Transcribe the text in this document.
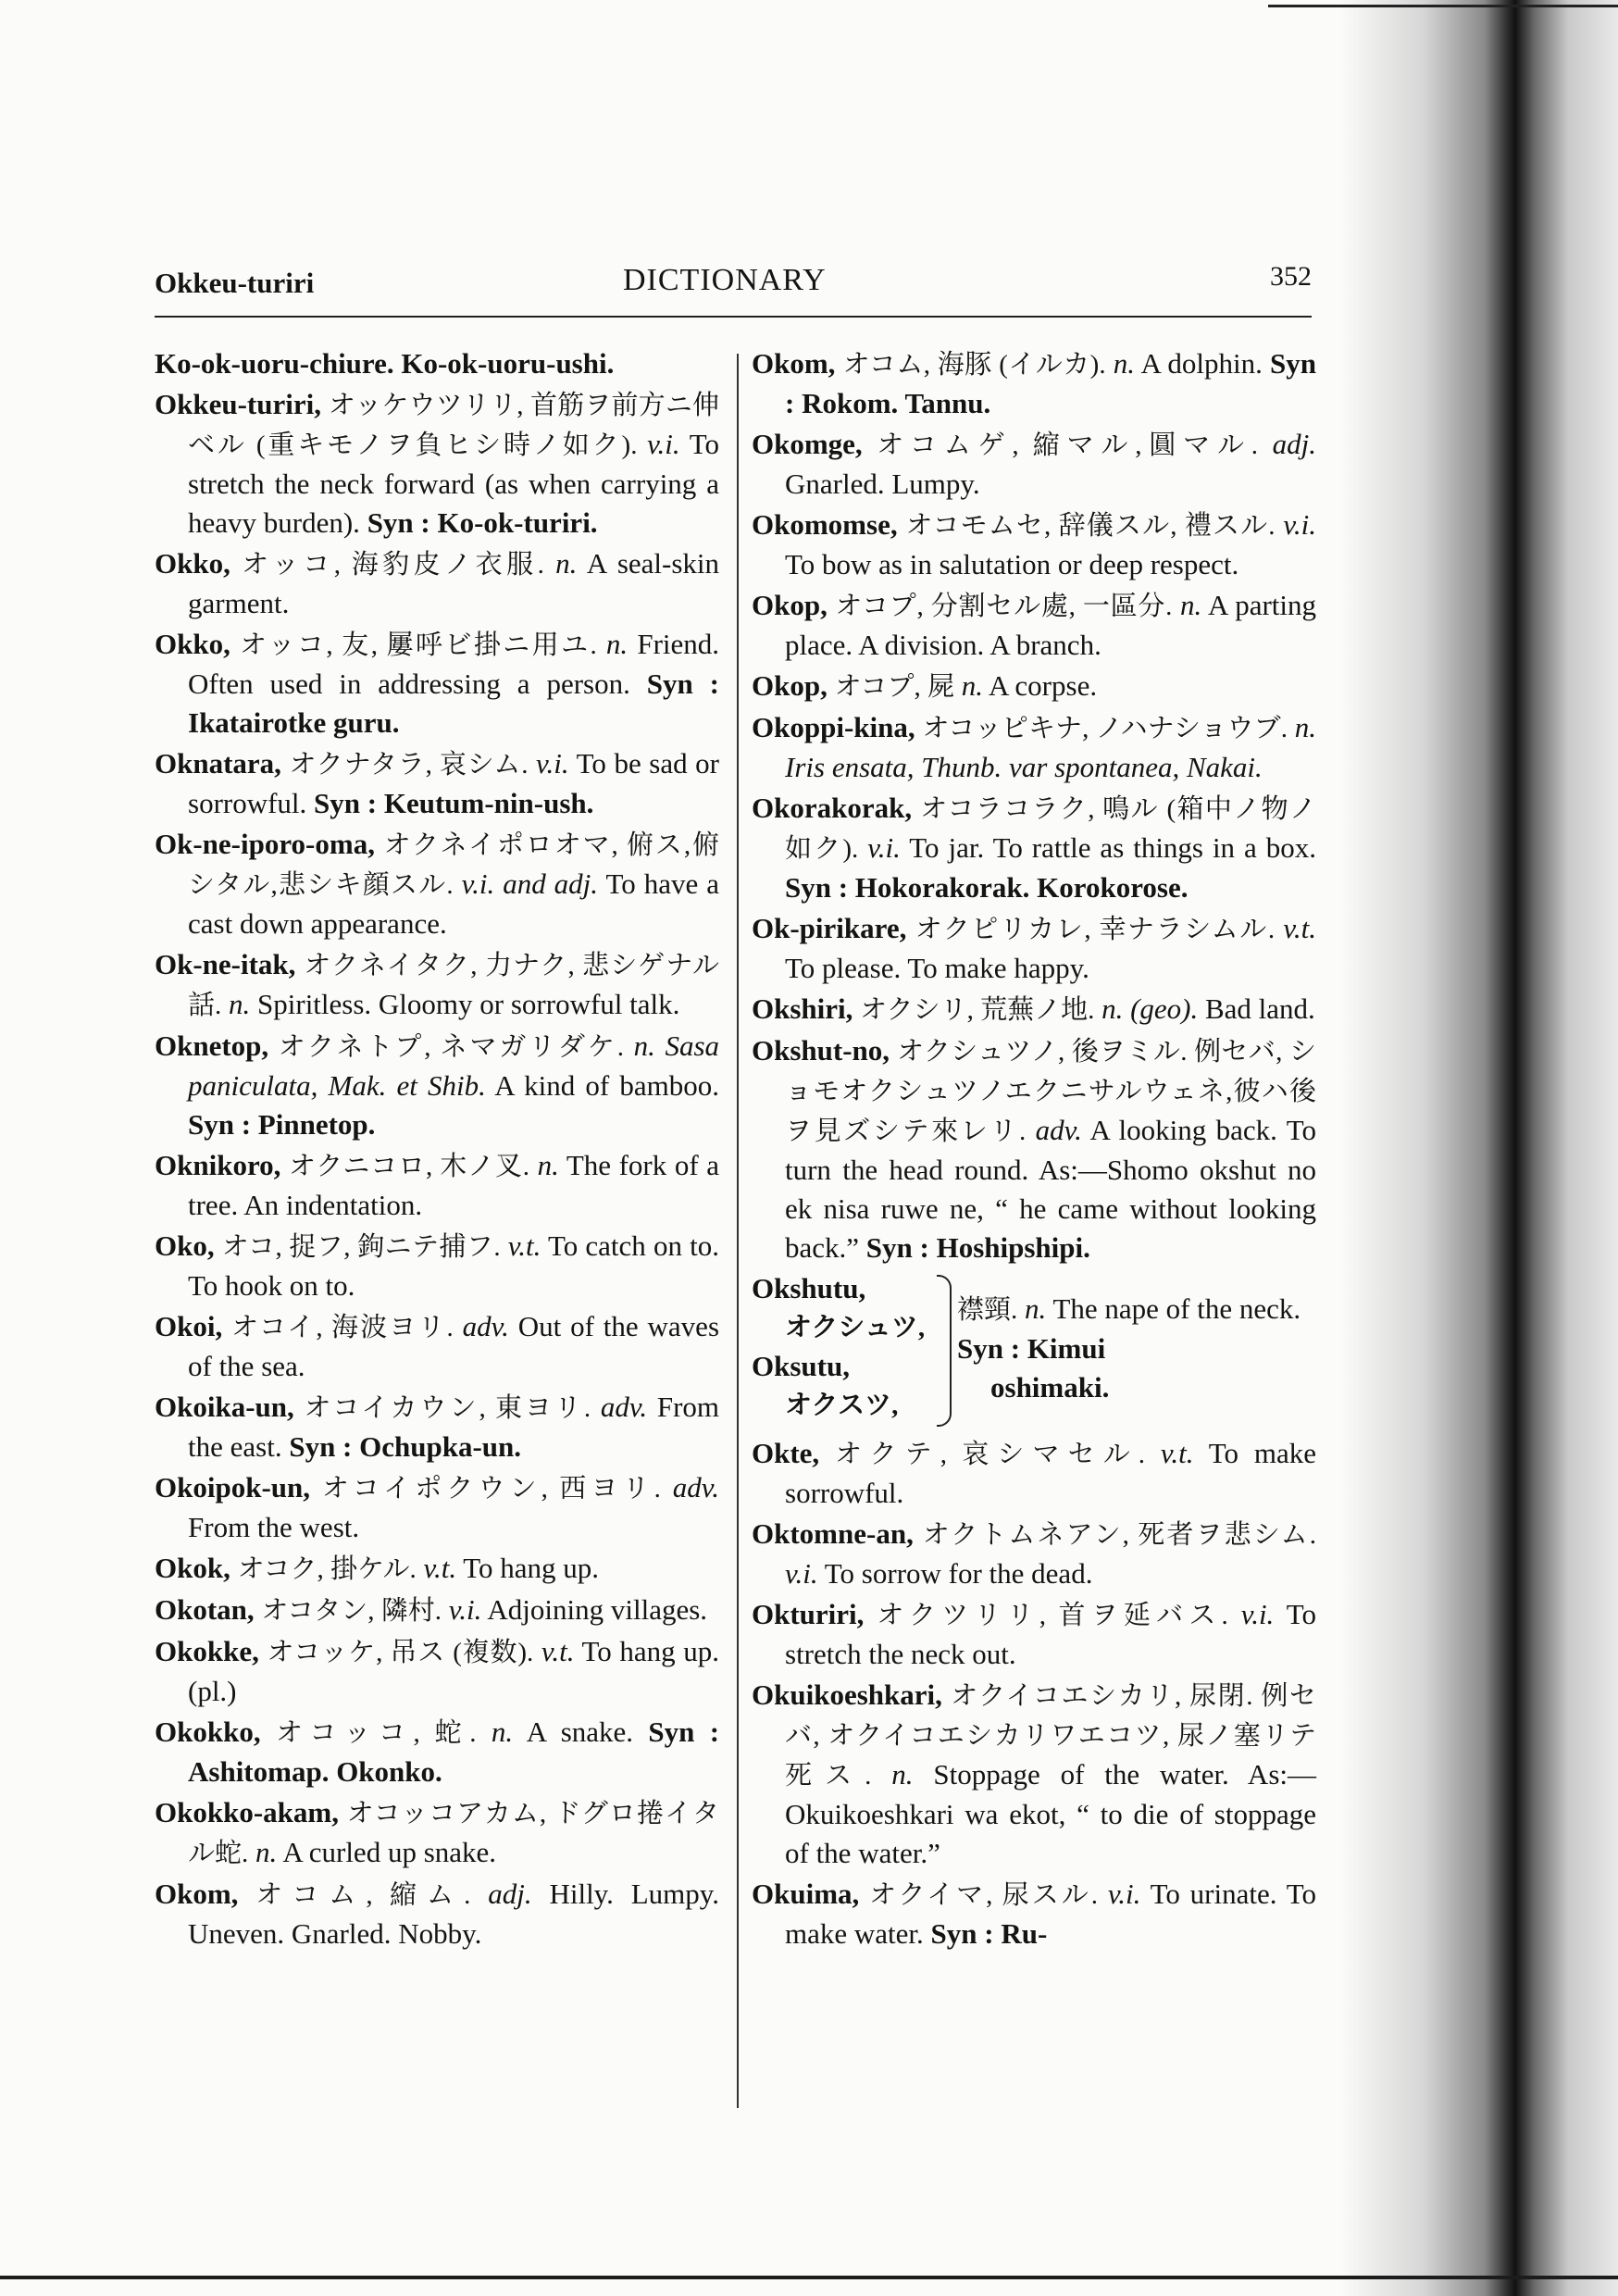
Okkeu-turiri	DICTIONARY	352
Ko-ok-uoru-chiure. Ko-ok-uoru-ushi.
Okkeu-turiri, オッケウツリリ, 首筋ヲ前方ニ伸ベル (重キモノヲ負ヒシ時ノ如ク). v.i. To stretch the neck forward (as when carrying a heavy burden). Syn : Ko-ok-turiri.
Okko, オッコ, 海豹皮ノ衣服. n. A seal-skin garment.
Okko, オッコ, 友, 屢呼ビ掛ニ用ユ. n. Friend. Often used in addressing a person. Syn : Ikatairotke guru.
Oknatara, オクナタラ, 哀シム. v.i. To be sad or sorrowful. Syn : Keutum-nin-ush.
Ok-ne-iporo-oma, オクネイポロオマ, 俯ス,俯シタル,悲シキ顔スル. v.i. and adj. To have a cast down appearance.
Ok-ne-itak, オクネイタク, 力ナク, 悲シゲナル話. n. Spiritless. Gloomy or sorrowful talk.
Oknetop, オクネトプ, ネマガリダケ. n. Sasa paniculata, Mak. et Shib. A kind of bamboo. Syn : Pinnetop.
Oknikoro, オクニコロ, 木ノ叉. n. The fork of a tree. An indentation.
Oko, オコ, 捉フ, 鉤ニテ捕フ. v.t. To catch on to. To hook on to.
Okoi, オコイ, 海波ヨリ. adv. Out of the waves of the sea.
Okoika-un, オコイカウン, 東ヨリ. adv. From the east. Syn : Ochupka-un.
Okoipok-un, オコイポクウン, 西ヨリ. adv. From the west.
Okok, オコク, 掛ケル. v.t. To hang up.
Okotan, オコタン, 隣村. v.i. Adjoining villages.
Okokke, オコッケ, 吊ス (複数). v.t. To hang up. (pl.)
Okokko, オコッコ, 蛇. n. A snake. Syn : Ashitomap. Okonko.
Okokko-akam, オコッコアカム, ドグロ捲イタル蛇. n. A curled up snake.
Okom, オコム, 縮ム. adj. Hilly. Lumpy. Uneven. Gnarled. Nobby.
Okom, オコム, 海豚 (イルカ). n. A dolphin. Syn : Rokom. Tannu.
Okomge, オコムゲ, 縮マル,圓マル. adj. Gnarled. Lumpy.
Okomomse, オコモムセ, 辞儀スル, 禮スル. v.i. To bow as in salutation or deep respect.
Okop, オコプ, 分割セル處, 一區分. n. A parting place. A division. A branch.
Okop, オコプ, 屍 n. A corpse.
Okoppi-kina, オコッピキナ, ノハナショウブ. n. Iris ensata, Thunb. var spontanea, Nakai.
Okorakorak, オコラコラク, 鳴ル (箱中ノ物ノ如ク). v.i. To jar. To rattle as things in a box. Syn : Hokorakorak. Korokorose.
Ok-pirikare, オクピリカレ, 幸ナラシムル. v.t. To please. To make happy.
Okshiri, オクシリ, 荒蕪ノ地. n. (geo). Bad land.
Okshut-no, オクシュツノ, 後ヲミル. 例セバ, ショモオクシュツノエクニサルウェネ,彼ハ後ヲ見ズシテ來レリ. adv. A looking back. To turn the head round. As:—Shomo okshut no ek nisa ruwe ne, “ he came without looking back.” Syn : Hoshipshipi.
Okshutu,
オクシュツ,
Oksutu,
オクスツ,
襟頸. n. The nape of the neck. Syn : Kimui
oshimaki.
Okte, オクテ, 哀シマセル. v.t. To make sorrowful.
Oktomne-an, オクトムネアン, 死者ヲ悲シム. v.i. To sorrow for the dead.
Okturiri, オクツリリ, 首ヲ延バス. v.i. To stretch the neck out.
Okuikoeshkari, オクイコエシカリ, 尿閉. 例セバ, オクイコエシカリワエコツ, 尿ノ塞リテ死ス. n. Stoppage of the water. As:—Okuikoeshkari wa ekot, “ to die of stoppage of the water.”
Okuima, オクイマ, 尿スル. v.i. To urinate. To make water. Syn : Ru-
